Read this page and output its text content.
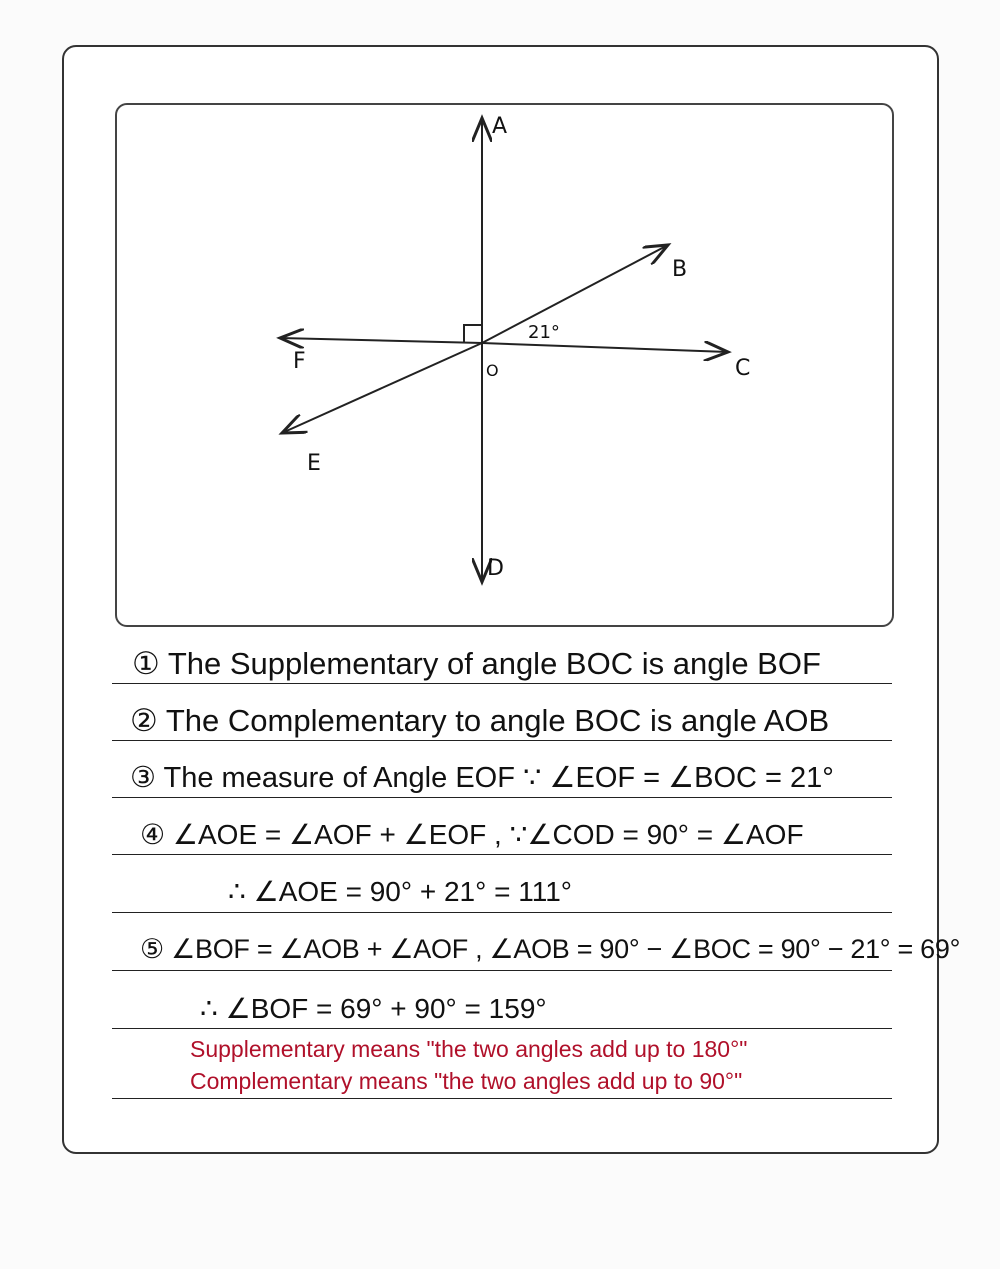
A
B
C
D
E
F	O
21°
① The Supplementary of angle BOC is angle BOF
② The Complementary to angle BOC is angle AOB
③ The measure of Angle EOF ∵ ∠EOF = ∠BOC = 21°
④ ∠AOE = ∠AOF + ∠EOF , ∵∠COD = 90° = ∠AOF
∴ ∠AOE = 90° + 21° = 111°
⑤ ∠BOF = ∠AOB + ∠AOF , ∠AOB = 90° − ∠BOC = 90° − 21° = 69°
∴ ∠BOF = 69° + 90° = 159°
Supplementary means "the two angles add up to 180°"
Complementary means "the two angles add up to 90°"
